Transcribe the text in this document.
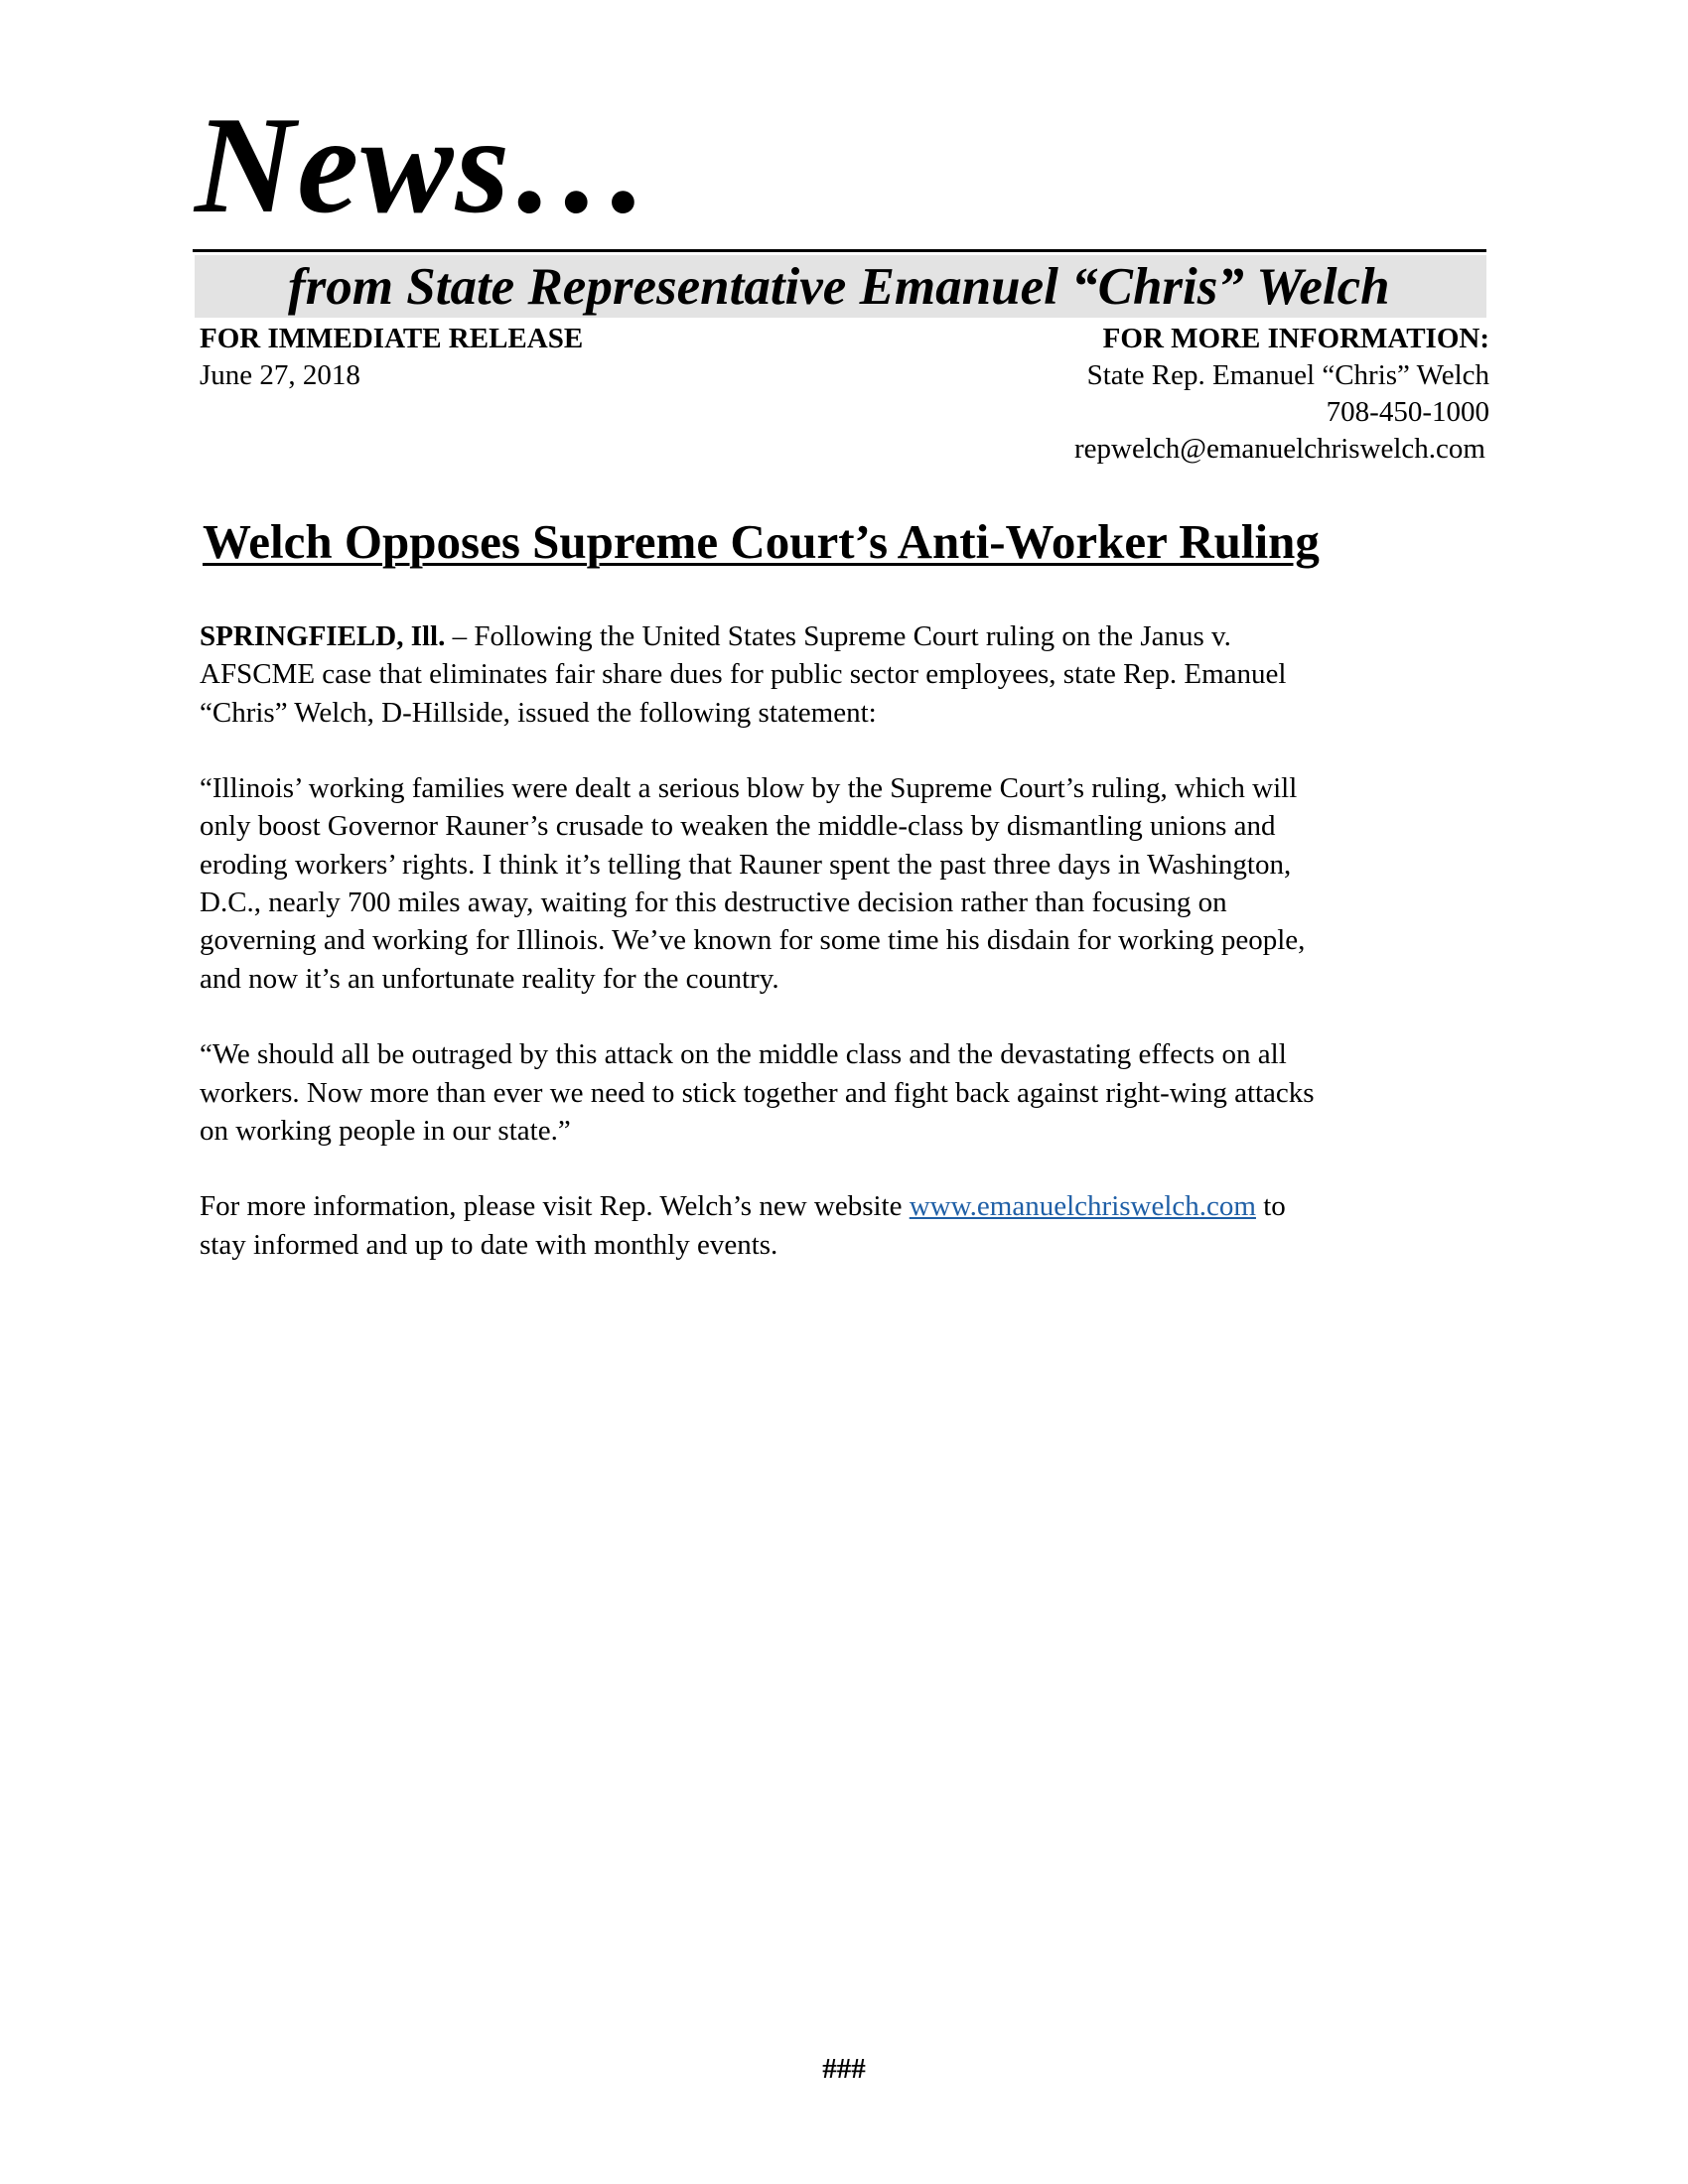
News…
from State Representative Emanuel “Chris” Welch
FOR IMMEDIATE RELEASE
June 27, 2018
FOR MORE INFORMATION:
State Rep. Emanuel “Chris” Welch
708-450-1000
repwelch@emanuelchriswelch.com
Welch Opposes Supreme Court’s Anti-Worker Ruling

SPRINGFIELD, Ill. – Following the United States Supreme Court ruling on the Janus v.
AFSCME case that eliminates fair share dues for public sector employees, state Rep. Emanuel
“Chris” Welch, D-Hillside, issued the following statement:

“Illinois’ working families were dealt a serious blow by the Supreme Court’s ruling, which will
only boost Governor Rauner’s crusade to weaken the middle-class by dismantling unions and
eroding workers’ rights. I think it’s telling that Rauner spent the past three days in Washington,
D.C., nearly 700 miles away, waiting for this destructive decision rather than focusing on
governing and working for Illinois. We’ve known for some time his disdain for working people,
and now it’s an unfortunate reality for the country.

“We should all be outraged by this attack on the middle class and the devastating effects on all
workers. Now more than ever we need to stick together and fight back against right-wing attacks
on working people in our state.”

For more information, please visit Rep. Welch’s new website www.emanuelchriswelch.com to
stay informed and up to date with monthly events.

###
